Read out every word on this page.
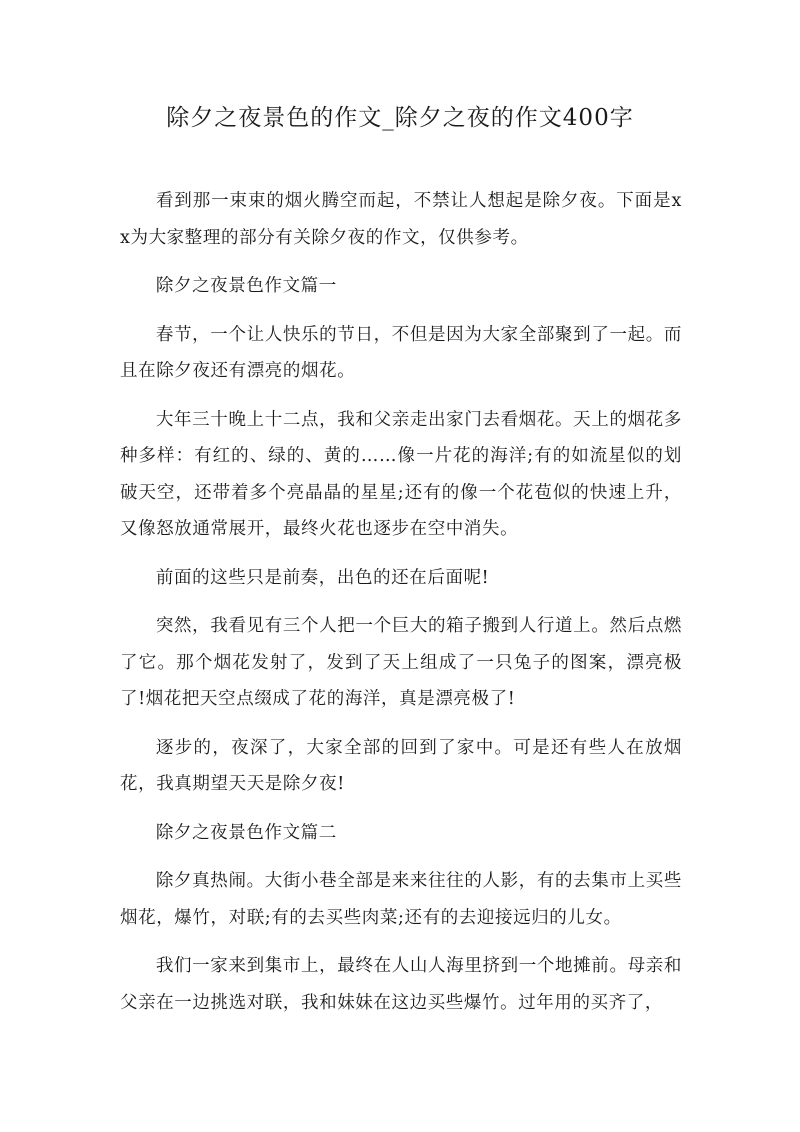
除夕之夜景色的作文_除夕之夜的作文400字

看到那一束束的烟火腾空而起，不禁让人想起是除夕夜。下面是xx为大家整理的部分有关除夕夜的作文，仅供参考。

除夕之夜景色作文篇一

春节，一个让人快乐的节日，不但是因为大家全部聚到了一起。而且在除夕夜还有漂亮的烟花。

大年三十晚上十二点，我和父亲走出家门去看烟花。天上的烟花多种多样：有红的、绿的、黄的……像一片花的海洋;有的如流星似的划破天空，还带着多个亮晶晶的星星;还有的像一个花苞似的快速上升，又像怒放通常展开，最终火花也逐步在空中消失。

前面的这些只是前奏，出色的还在后面呢!

突然，我看见有三个人把一个巨大的箱子搬到人行道上。然后点燃了它。那个烟花发射了，发到了天上组成了一只兔子的图案，漂亮极了!烟花把天空点缀成了花的海洋，真是漂亮极了!

逐步的，夜深了，大家全部的回到了家中。可是还有些人在放烟花，我真期望天天是除夕夜!

除夕之夜景色作文篇二

除夕真热闹。大街小巷全部是来来往往的人影，有的去集市上买些烟花，爆竹，对联;有的去买些肉菜;还有的去迎接远归的儿女。

我们一家来到集市上，最终在人山人海里挤到一个地摊前。母亲和父亲在一边挑选对联，我和妹妹在这边买些爆竹。过年用的买齐了，
